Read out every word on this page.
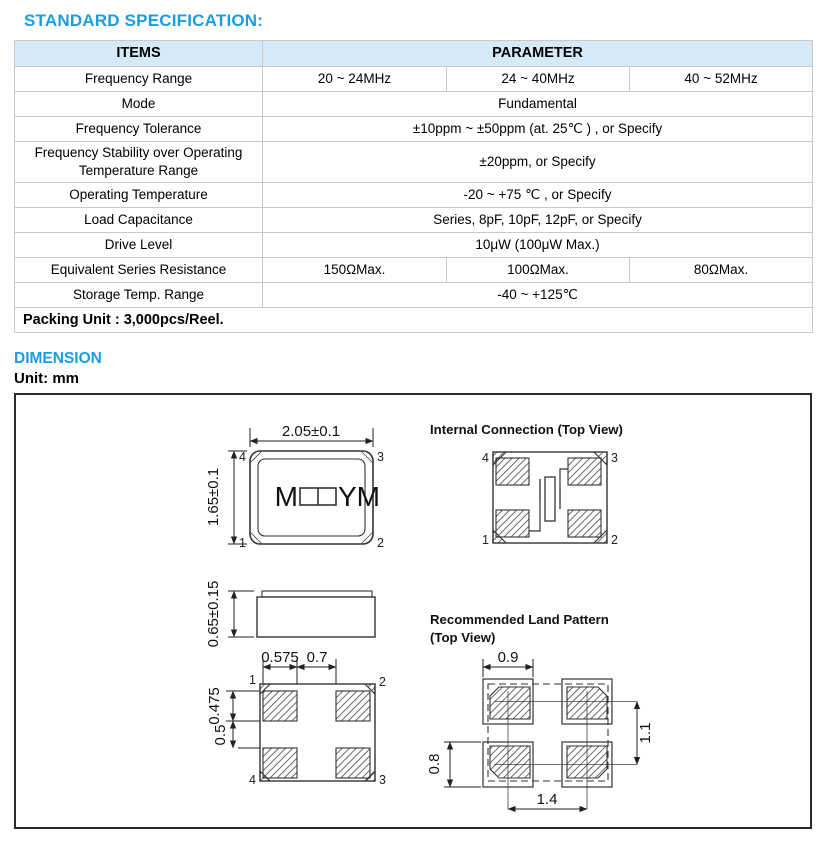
STANDARD SPECIFICATION:
ITEMS	PARAMETER		
Frequency Range	20 ~ 24MHz	24 ~ 40MHz	40 ~ 52MHz
Mode	Fundamental		
Frequency Tolerance	±10ppm ~ ±50ppm (at. 25℃ ) , or Specify		
Frequency Stability over Operating Temperature Range	±20ppm, or Specify		
Operating Temperature	-20 ~ +75 ℃ , or Specify		
Load Capacitance	Series, 8pF, 10pF, 12pF, or Specify		
Drive Level	10μW (100μW Max.)		
Equivalent Series Resistance	150ΩMax.	100ΩMax.	80ΩMax.
Storage Temp. Range	-40 ~ +125℃		
Packing Unit : 3,000pcs/Reel.			
DIMENSION
Unit: mm
2.05±0.1
1.65±0.1
4	3
1	2
M YM
Internal Connection (Top View)
4	3
1	2
0.65±0.15
0.575 0.7
0.475
0.5
1	2
4	3
Recommended Land Pattern
(Top View)
0.9
1.1
0.8
1.4
